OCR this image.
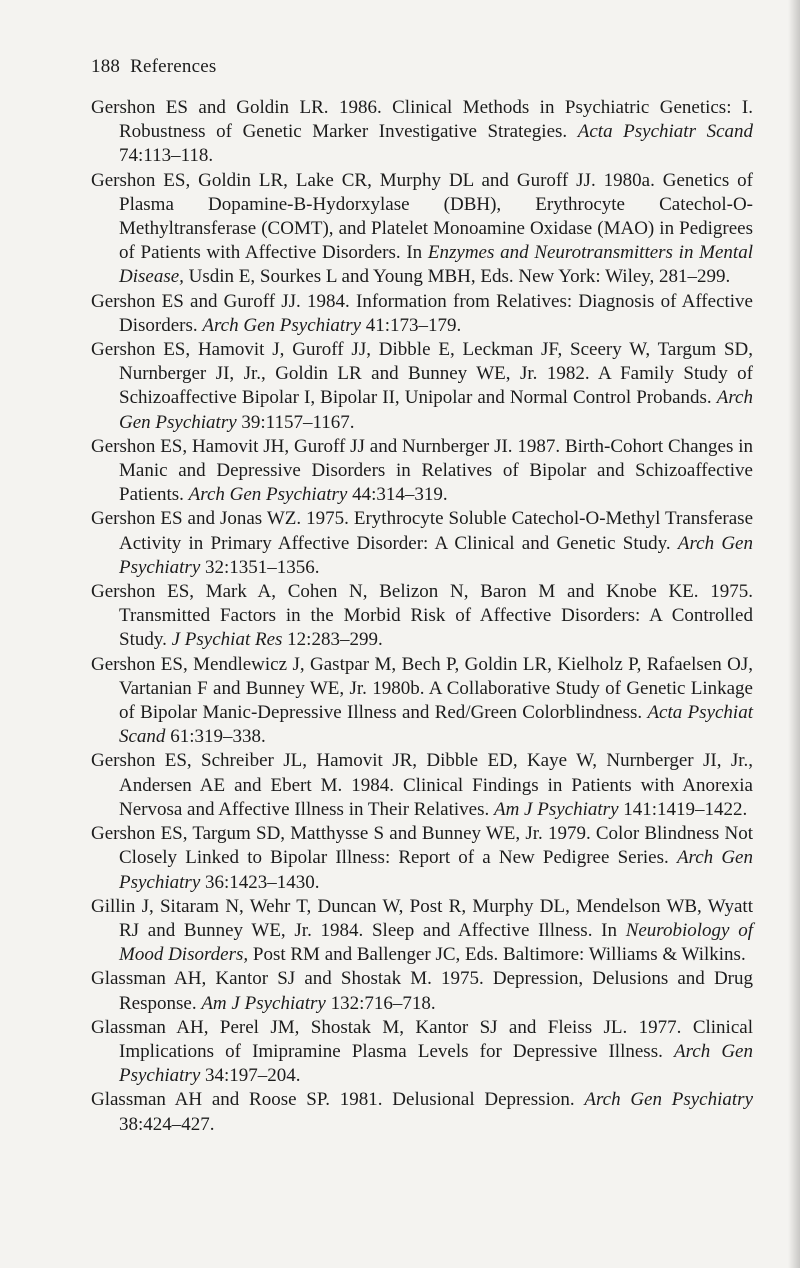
188 References

Gershon ES and Goldin LR. 1986. Clinical Methods in Psychiatric Genetics: I. Robustness of Genetic Marker Investigative Strategies. Acta Psychiatr Scand 74:113–118.

Gershon ES, Goldin LR, Lake CR, Murphy DL and Guroff JJ. 1980a. Genetics of Plasma Dopamine-B-Hydorxylase (DBH), Erythrocyte Catechol-O-Methyltransferase (COMT), and Platelet Monoamine Oxidase (MAO) in Pedigrees of Patients with Affective Disorders. In Enzymes and Neurotransmitters in Mental Disease, Usdin E, Sourkes L and Young MBH, Eds. New York: Wiley, 281–299.

Gershon ES and Guroff JJ. 1984. Information from Relatives: Diagnosis of Affective Disorders. Arch Gen Psychiatry 41:173–179.

Gershon ES, Hamovit J, Guroff JJ, Dibble E, Leckman JF, Sceery W, Targum SD, Nurnberger JI, Jr., Goldin LR and Bunney WE, Jr. 1982. A Family Study of Schizoaffective Bipolar I, Bipolar II, Unipolar and Normal Control Probands. Arch Gen Psychiatry 39:1157–1167.

Gershon ES, Hamovit JH, Guroff JJ and Nurnberger JI. 1987. Birth-Cohort Changes in Manic and Depressive Disorders in Relatives of Bipolar and Schizoaffective Patients. Arch Gen Psychiatry 44:314–319.

Gershon ES and Jonas WZ. 1975. Erythrocyte Soluble Catechol-O-Methyl Transferase Activity in Primary Affective Disorder: A Clinical and Genetic Study. Arch Gen Psychiatry 32:1351–1356.

Gershon ES, Mark A, Cohen N, Belizon N, Baron M and Knobe KE. 1975. Transmitted Factors in the Morbid Risk of Affective Disorders: A Controlled Study. J Psychiat Res 12:283–299.

Gershon ES, Mendlewicz J, Gastpar M, Bech P, Goldin LR, Kielholz P, Rafaelsen OJ, Vartanian F and Bunney WE, Jr. 1980b. A Collaborative Study of Genetic Linkage of Bipolar Manic-Depressive Illness and Red/Green Colorblindness. Acta Psychiat Scand 61:319–338.

Gershon ES, Schreiber JL, Hamovit JR, Dibble ED, Kaye W, Nurnberger JI, Jr., Andersen AE and Ebert M. 1984. Clinical Findings in Patients with Anorexia Nervosa and Affective Illness in Their Relatives. Am J Psychiatry 141:1419–1422.

Gershon ES, Targum SD, Matthysse S and Bunney WE, Jr. 1979. Color Blindness Not Closely Linked to Bipolar Illness: Report of a New Pedigree Series. Arch Gen Psychiatry 36:1423–1430.

Gillin J, Sitaram N, Wehr T, Duncan W, Post R, Murphy DL, Mendelson WB, Wyatt RJ and Bunney WE, Jr. 1984. Sleep and Affective Illness. In Neurobiology of Mood Disorders, Post RM and Ballenger JC, Eds. Baltimore: Williams & Wilkins.

Glassman AH, Kantor SJ and Shostak M. 1975. Depression, Delusions and Drug Response. Am J Psychiatry 132:716–718.

Glassman AH, Perel JM, Shostak M, Kantor SJ and Fleiss JL. 1977. Clinical Implications of Imipramine Plasma Levels for Depressive Illness. Arch Gen Psychiatry 34:197–204.

Glassman AH and Roose SP. 1981. Delusional Depression. Arch Gen Psychiatry 38:424–427.
